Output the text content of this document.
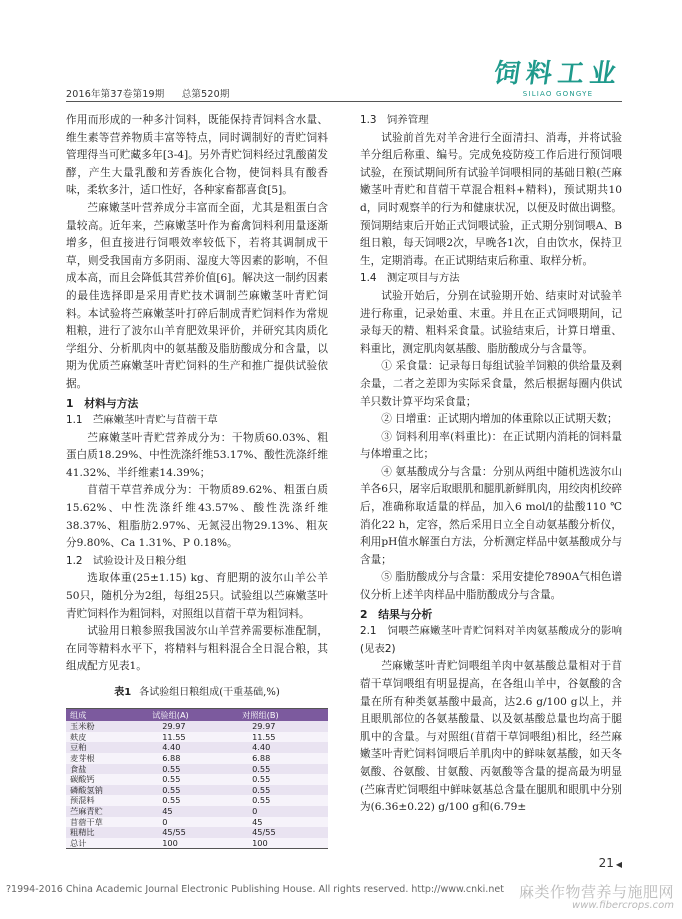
2016年第37卷第19期 总第520期
饲料工业
SILIAO GONGYE
作用而形成的一种多汁饲料，既能保持青饲料含水量、维生素等营养物质丰富等特点，同时调制好的青贮饲料管理得当可贮藏多年[3-4]。另外青贮饲料经过乳酸菌发酵，产生大量乳酸和芳香族化合物，使饲料具有酸香味，柔软多汁，适口性好，各种家畜都喜食[5]。
苎麻嫩茎叶营养成分丰富而全面，尤其是粗蛋白含量较高。近年来，苎麻嫩茎叶作为畜禽饲料利用量逐渐增多，但直接进行饲喂效率较低下，若将其调制成干草，则受我国南方多阴雨、湿度大等因素的影响，不但成本高，而且会降低其营养价值[6]。解决这一制约因素的最佳选择即是采用青贮技术调制苎麻嫩茎叶青贮饲料。本试验将苎麻嫩茎叶打碎后制成青贮饲料作为常规粗粮，进行了波尔山羊育肥效果评价，并研究其肉质化学组分、分析肌肉中的氨基酸及脂肪酸成分和含量，以期为优质苎麻嫩茎叶青贮饲料的生产和推广提供试验依据。
1　材料与方法
1.1　苎麻嫩茎叶青贮与苜蓿干草
苎麻嫩茎叶青贮营养成分为：干物质60.03%、粗蛋白质18.29%、中性洗涤纤维53.17%、酸性洗涤纤维41.32%、半纤维素14.39%；
苜蓿干草营养成分为：干物质89.62%、粗蛋白质15.62%、中性洗涤纤维43.57%、酸性洗涤纤维38.37%、粗脂肪2.97%、无氮浸出物29.13%、粗灰分9.80%、Ca 1.31%、P 0.18%。
1.2　试验设计及日粮分组
选取体重(25±1.15) kg、育肥期的波尔山羊公羊50只，随机分为2组，每组25只。试验组以苎麻嫩茎叶青贮饲料作为粗饲料，对照组以苜蓿干草为粗饲料。
试验用日粮参照我国波尔山羊营养需要标准配制，在同等精料水平下，将精料与粗料混合全日混合粮，其组成配方见表1。
表1 各试验组日粮组成(干重基础,%)
组成	试验组(A)	对照组(B)
玉米粉	29.97	29.97
麸皮	11.55	11.55
豆粕	4.40	4.40
麦芽根	6.88	6.88
食盐	0.55	0.55
碳酸钙	0.55	0.55
磷酸氢钠	0.55	0.55
预混料	0.55	0.55
苎麻青贮	45	0
苜蓿干草	0	45
粗精比	45/55	45/55
总计	100	100
1.3　饲养管理
试验前首先对羊舍进行全面清扫、消毒，并将试验羊分组后称重、编号。完成免疫防疫工作后进行预饲喂试验，在预试期间所有试验羊饲喂相同的基础日粮(苎麻嫩茎叶青贮和苜蓿干草混合粗料+精料)，预试期共10 d，同时观察羊的行为和健康状况，以便及时做出调整。预饲期结束后开始正式饲喂试验，正式期分别饲喂A、B组日粮，每天饲喂2次，早晚各1次，自由饮水，保持卫生，定期消毒。在正试期结束后称重、取样分析。
1.4　测定项目与方法
试验开始后，分别在试验期开始、结束时对试验羊进行称重，记录始重、末重。并且在正式饲喂期间，记录每天的精、粗料采食量。试验结束后，计算日增重、料重比，测定肌肉氨基酸、脂肪酸成分与含量等。
① 采食量：记录每日每组试验羊饲粮的供给量及剩余量，二者之差即为实际采食量，然后根据每圈内供试羊只数计算平均采食量；
② 日增重：正试期内增加的体重除以正试期天数；
③ 饲料利用率(料重比)：在正试期内消耗的饲料量与体增重之比；
④ 氨基酸成分与含量：分别从两组中随机选波尔山羊各6只，屠宰后取眼肌和腿肌新鲜肌肉，用绞肉机绞碎后，准确称取适量的样品，加入6 mol/l的盐酸110 ℃消化22 h，定容，然后采用日立全自动氨基酸分析仪，利用pH值水解蛋白方法，分析测定样品中氨基酸成分与含量；
⑤ 脂肪酸成分与含量：采用安捷伦7890A气相色谱仪分析上述羊肉样品中脂肪酸成分与含量。
2　结果与分析
2.1　饲喂苎麻嫩茎叶青贮饲料对羊肉氨基酸成分的影响(见表2)
苎麻嫩茎叶青贮饲喂组羊肉中氨基酸总量相对于苜蓿干草饲喂组有明显提高，在各组山羊中，谷氨酸的含量在所有种类氨基酸中最高，达2.6 g/100 g以上，并且眼肌部位的各氨基酸量、以及氨基酸总量也均高于腿肌中的含量。与对照组(苜蓿干草饲喂组)相比，经苎麻嫩茎叶青贮饲料饲喂后羊肌肉中的鲜味氨基酸，如天冬氨酸、谷氨酸、甘氨酸、丙氨酸等含量的提高最为明显(苎麻青贮饲喂组中鲜味氨基总含量在腿肌和眼肌中分别为(6.36±0.22) g/100 g和(6.79±
21 ◀
?1994-2016 China Academic Journal Electronic Publishing House. All rights reserved. http://www.cnki.net 麻类作物营养与施肥网
www.fibercrops.com
